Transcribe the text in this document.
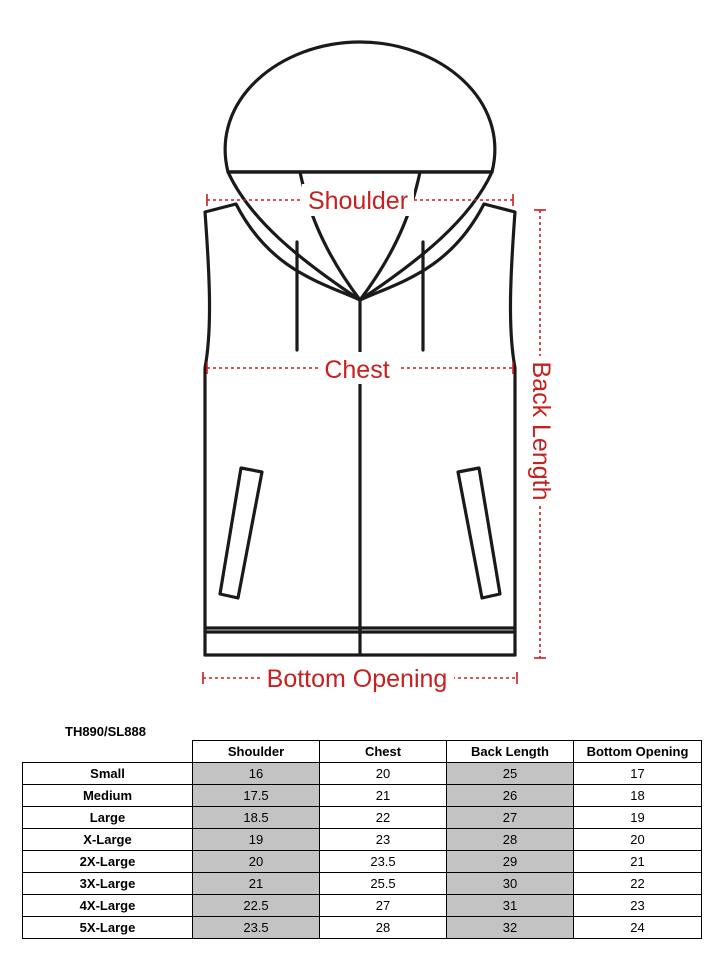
Shoulder
Chest	Back Length
Bottom Opening
TH890/SL888
	Shoulder	Chest	Back Length	Bottom Opening
Small	16	20	25	17
Medium	17.5	21	26	18
Large	18.5	22	27	19
X-Large	19	23	28	20
2X-Large	20	23.5	29	21
3X-Large	21	25.5	30	22
4X-Large	22.5	27	31	23
5X-Large	23.5	28	32	24
